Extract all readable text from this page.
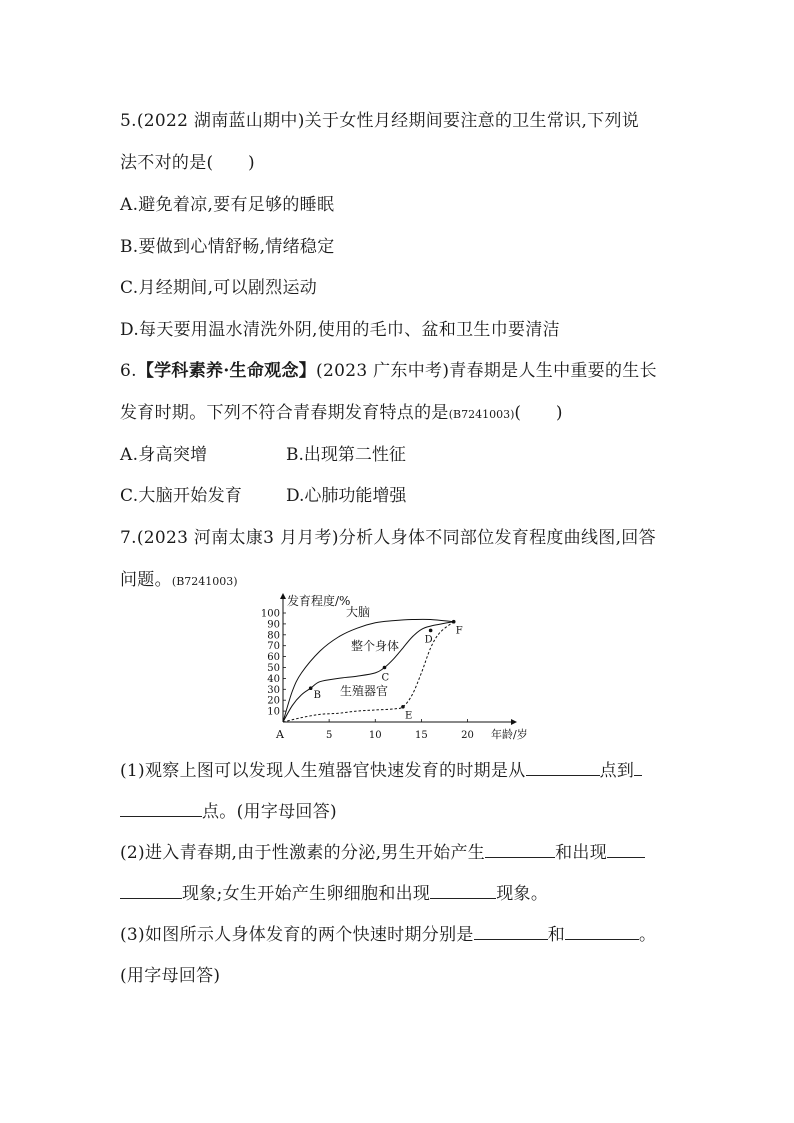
5.(2022 湖南蓝山期中)关于女性月经期间要注意的卫生常识,下列说
法不对的是(　　)
A.避免着凉,要有足够的睡眠
B.要做到心情舒畅,情绪稳定
C.月经期间,可以剧烈运动
D.每天要用温水清洗外阴,使用的毛巾、盆和卫生巾要清洁
6.【学科素养·生命观念】(2023 广东中考)青春期是人生中重要的生长
发育时期。下列不符合青春期发育特点的是(B7241003)(　　)
A.身高突增	B.出现第二性征
C.大脑开始发育	D.心肺功能增强
7.(2023 河南太康3 月月考)分析人身体不同部位发育程度曲线图,回答
问题。(B7241003)
发育程度/%
年龄/岁
A
10
20
30
40
50
60
70
80
90
100
5	10	15	20
大脑
整个身体
生殖器官
B
C
D
E
F
(1)观察上图可以发现人生殖器官快速发育的时期是从	点到
点。(用字母回答)
(2)进入青春期,由于性激素的分泌,男生开始产生	和出现
现象;女生开始产生卵细胞和出现	现象。
(3)如图所示人身体发育的两个快速时期分别是	和	。
(用字母回答)
